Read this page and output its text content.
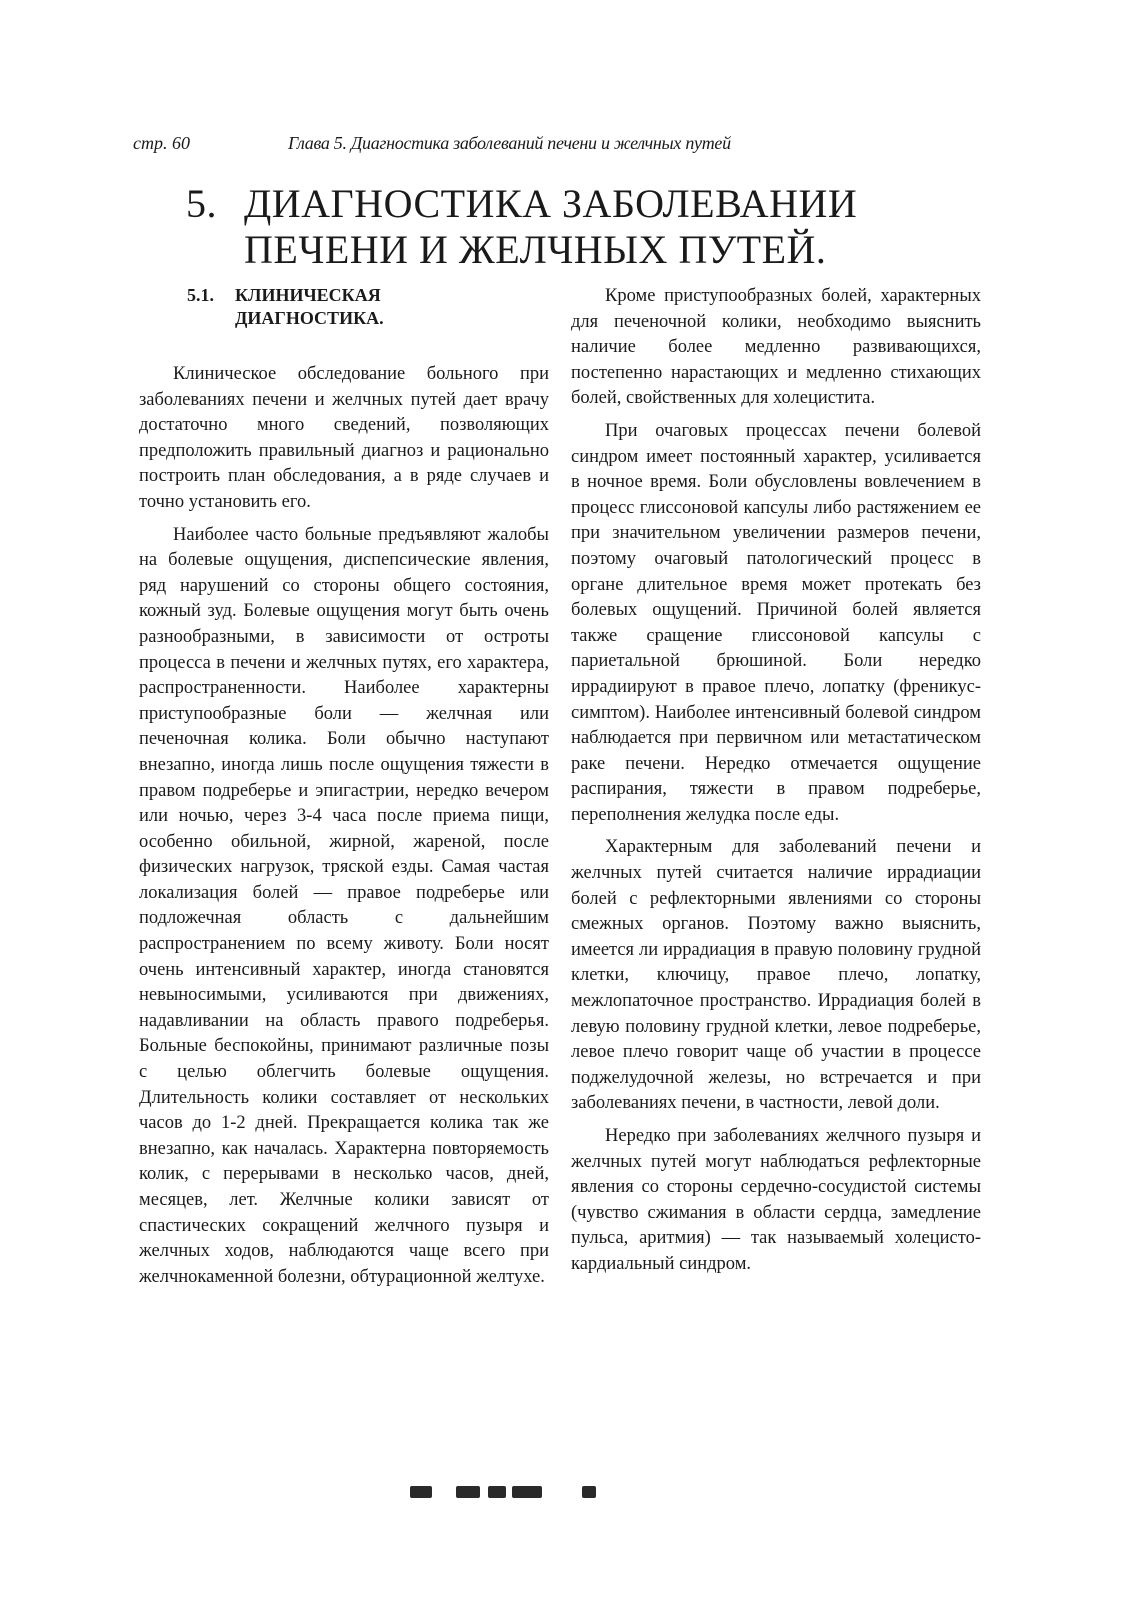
стр. 60	Глава 5. Диагностика заболеваний печени и желчных путей
5. ДИАГНОСТИКА ЗАБОЛЕВАНИИ
ПЕЧЕНИ И ЖЕЛЧНЫХ ПУТЕЙ.
5.1. КЛИНИЧЕСКАЯ ДИАГНОСТИКА.

Клиническое обследование больного при заболеваниях печени и желчных путей дает врачу достаточно много сведений, позволяющих предположить правильный диагноз и рационально построить план обследования, а в ряде случаев и точно установить его.

Наиболее часто больные предъявляют жалобы на болевые ощущения, диспепсические явления, ряд нарушений со стороны общего состояния, кожный зуд. Болевые ощущения могут быть очень разнообразными, в зависимости от остроты процесса в печени и желчных путях, его характера, распространенности. Наиболее характерны приступообразные боли — желчная или печеночная колика. Боли обычно наступают внезапно, иногда лишь после ощущения тяжести в правом подреберье и эпигастрии, нередко вечером или ночью, через 3-4 часа после приема пищи, особенно обильной, жирной, жареной, после физических нагрузок, тряской езды. Самая частая локализация болей — правое подреберье или подложечная область с дальнейшим распространением по всему животу. Боли носят очень интенсивный характер, иногда становятся невыносимыми, усиливаются при движениях, надавливании на область правого подреберья. Больные беспокойны, принимают различные позы с целью облегчить болевые ощущения. Длительность колики составляет от нескольких часов до 1-2 дней. Прекращается колика так же внезапно, как началась. Характерна повторяемость колик, с перерывами в несколько часов, дней, месяцев, лет. Желчные колики зависят от спастических сокращений желчного пузыря и желчных ходов, наблюдаются чаще всего при желчнокаменной болезни, обтурационной желтухе.

Кроме приступообразных болей, характерных для печеночной колики, необходимо выяснить наличие более медленно развивающихся, постепенно нарастающих и медленно стихающих болей, свойственных для холецистита.

При очаговых процессах печени болевой синдром имеет постоянный характер, усиливается в ночное время. Боли обусловлены вовлечением в процесс глиссоновой капсулы либо растяжением ее при значительном увеличении размеров печени, поэтому очаговый патологический процесс в органе длительное время может протекать без болевых ощущений. Причиной болей является также сращение глиссоновой капсулы с париетальной брюшиной. Боли нередко иррадиируют в правое плечо, лопатку (френикус-симптом). Наиболее интенсивный болевой синдром наблюдается при первичном или метастатическом раке печени. Нередко отмечается ощущение распирания, тяжести в правом подреберье, переполнения желудка после еды.

Характерным для заболеваний печени и желчных путей считается наличие иррадиации болей с рефлекторными явлениями со стороны смежных органов. Поэтому важно выяснить, имеется ли иррадиация в правую половину грудной клетки, ключицу, правое плечо, лопатку, межлопаточное пространство. Иррадиация болей в левую половину грудной клетки, левое подреберье, левое плечо говорит чаще об участии в процессе поджелудочной железы, но встречается и при заболеваниях печени, в частности, левой доли.

Нередко при заболеваниях желчного пузыря и желчных путей могут наблюдаться рефлекторные явления со стороны сердечно-сосудистой системы (чувство сжимания в области сердца, замедление пульса, аритмия) — так называемый холецисто-кардиальный синдром.
